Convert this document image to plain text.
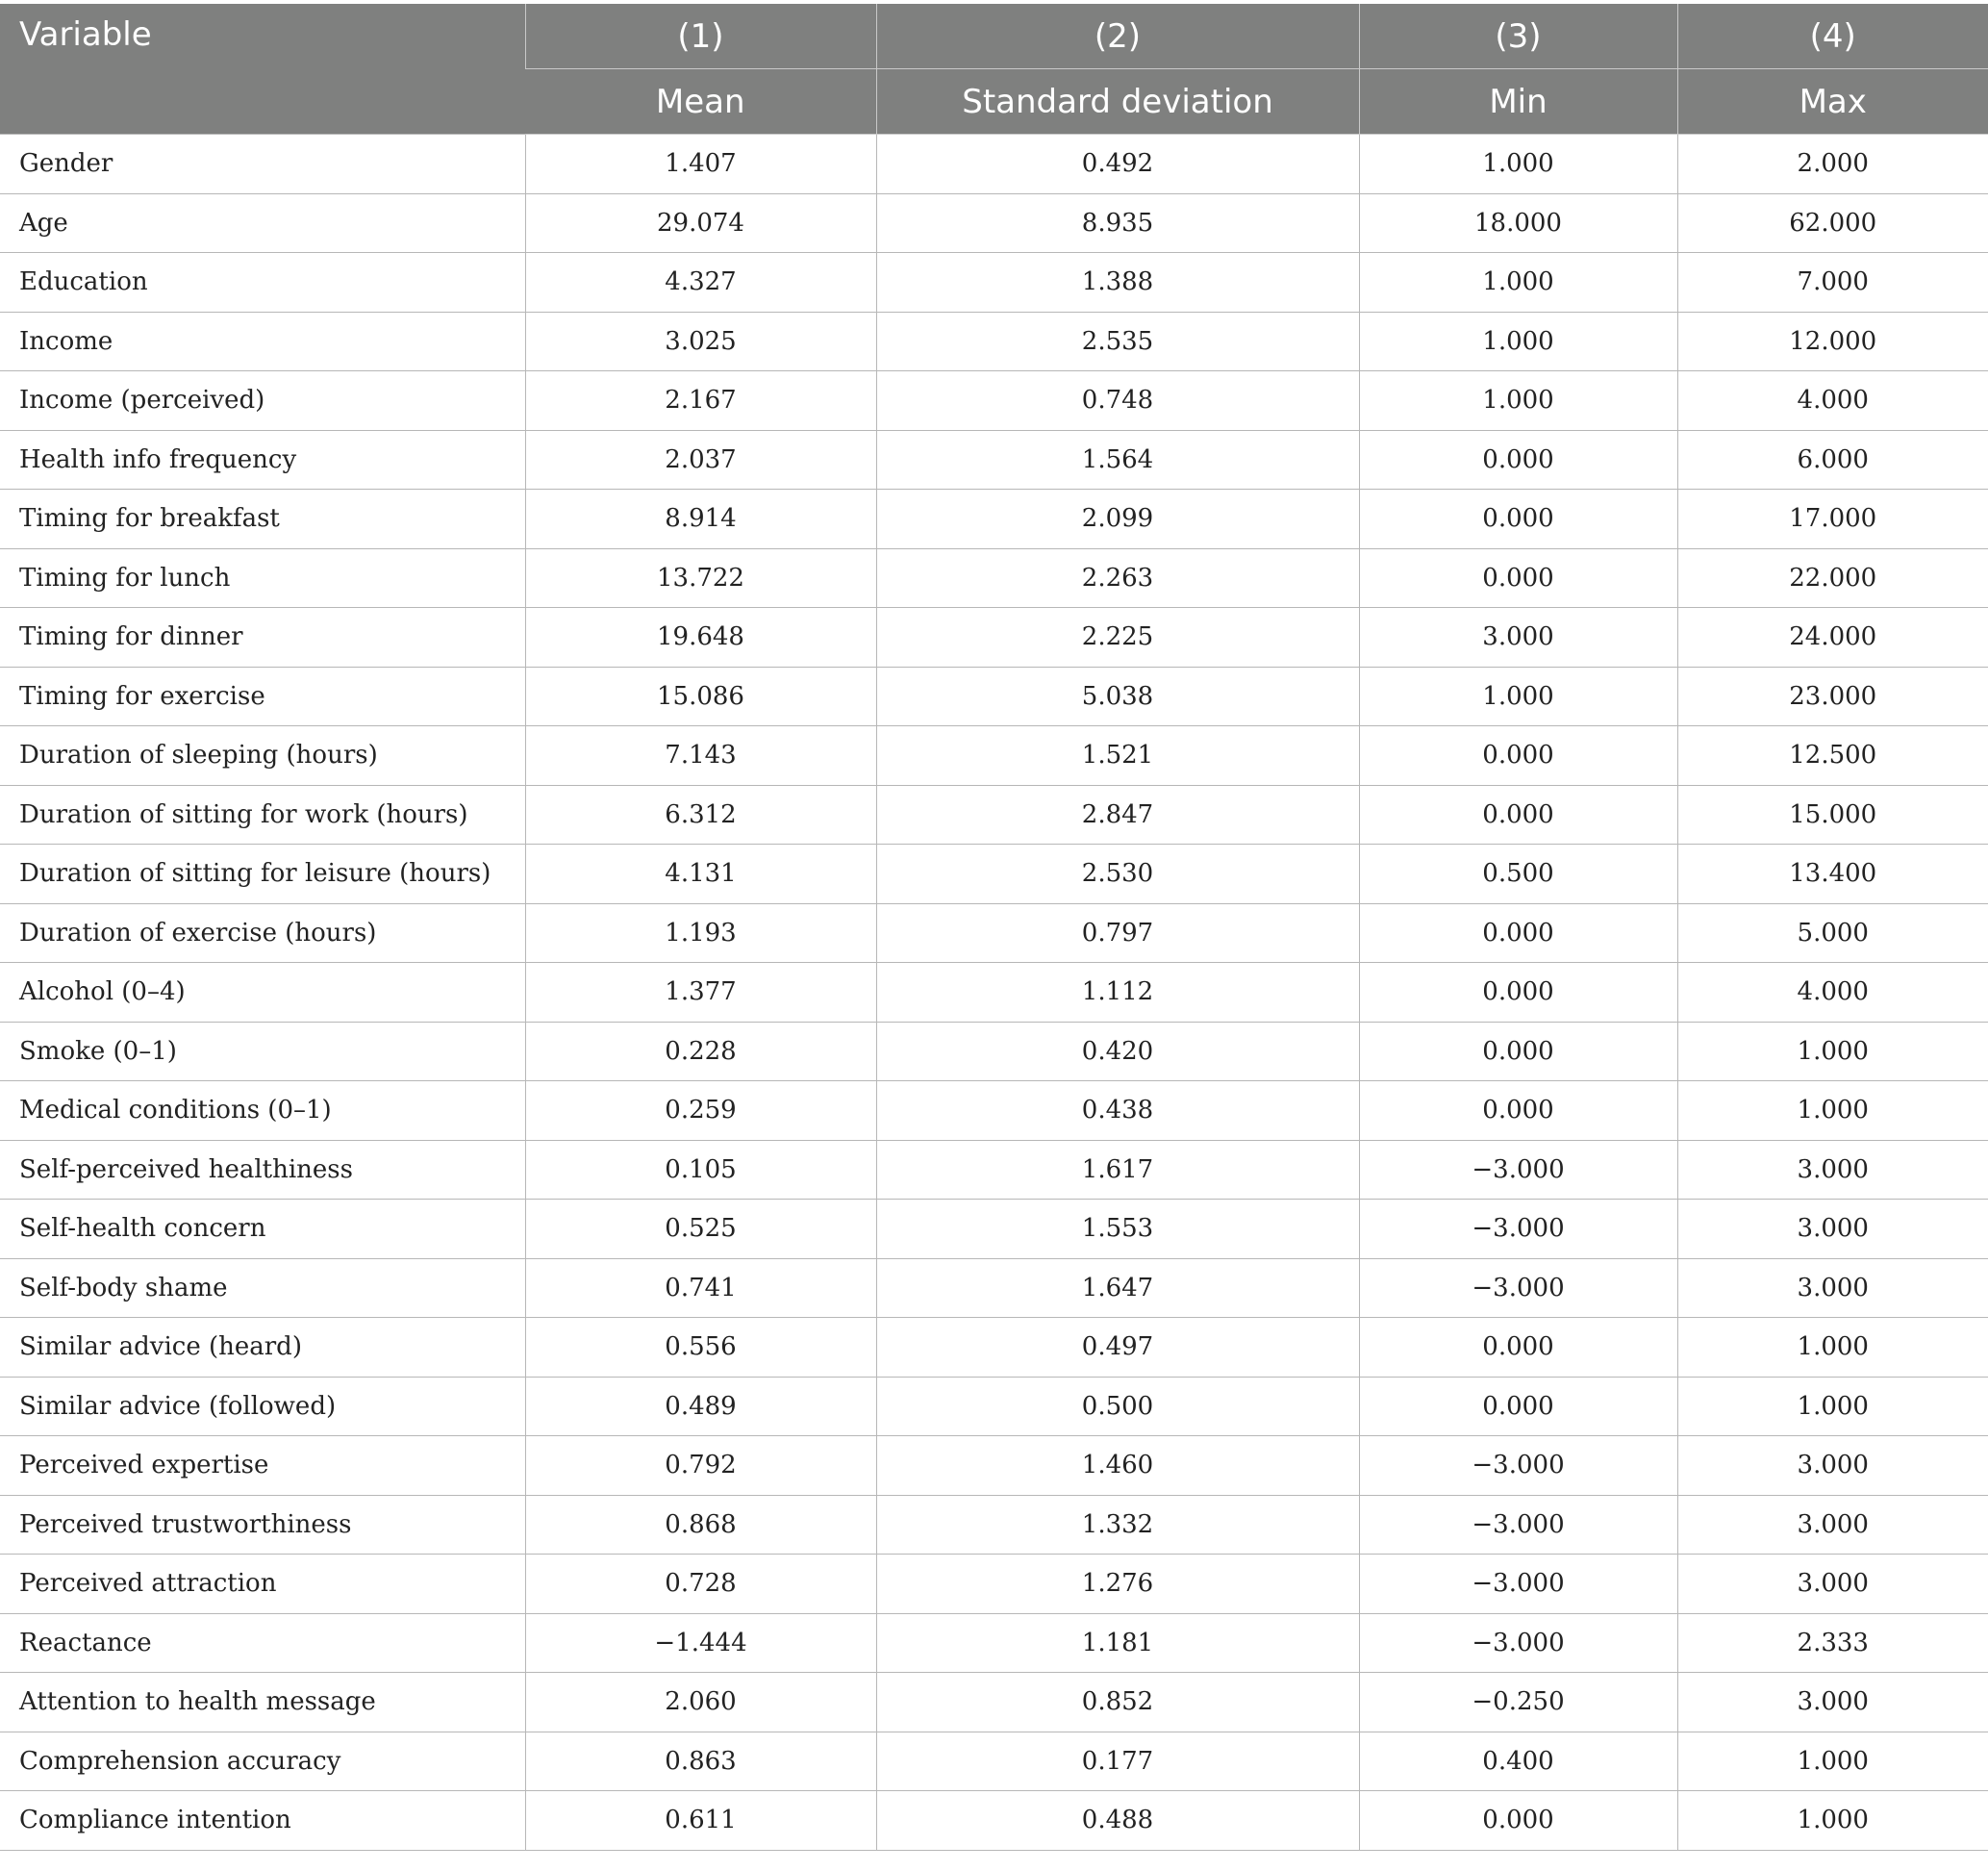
Variable	(1)	(2)	(3)	(4)
	Mean	Standard deviation	Min	Max
Gender	1.407	0.492	1.000	2.000
Age	29.074	8.935	18.000	62.000
Education	4.327	1.388	1.000	7.000
Income	3.025	2.535	1.000	12.000
Income (perceived)	2.167	0.748	1.000	4.000
Health info frequency	2.037	1.564	0.000	6.000
Timing for breakfast	8.914	2.099	0.000	17.000
Timing for lunch	13.722	2.263	0.000	22.000
Timing for dinner	19.648	2.225	3.000	24.000
Timing for exercise	15.086	5.038	1.000	23.000
Duration of sleeping (hours)	7.143	1.521	0.000	12.500
Duration of sitting for work (hours)	6.312	2.847	0.000	15.000
Duration of sitting for leisure (hours)	4.131	2.530	0.500	13.400
Duration of exercise (hours)	1.193	0.797	0.000	5.000
Alcohol (0–4)	1.377	1.112	0.000	4.000
Smoke (0–1)	0.228	0.420	0.000	1.000
Medical conditions (0–1)	0.259	0.438	0.000	1.000
Self-perceived healthiness	0.105	1.617	−3.000	3.000
Self-health concern	0.525	1.553	−3.000	3.000
Self-body shame	0.741	1.647	−3.000	3.000
Similar advice (heard)	0.556	0.497	0.000	1.000
Similar advice (followed)	0.489	0.500	0.000	1.000
Perceived expertise	0.792	1.460	−3.000	3.000
Perceived trustworthiness	0.868	1.332	−3.000	3.000
Perceived attraction	0.728	1.276	−3.000	3.000
Reactance	−1.444	1.181	−3.000	2.333
Attention to health message	2.060	0.852	−0.250	3.000
Comprehension accuracy	0.863	0.177	0.400	1.000
Compliance intention	0.611	0.488	0.000	1.000
